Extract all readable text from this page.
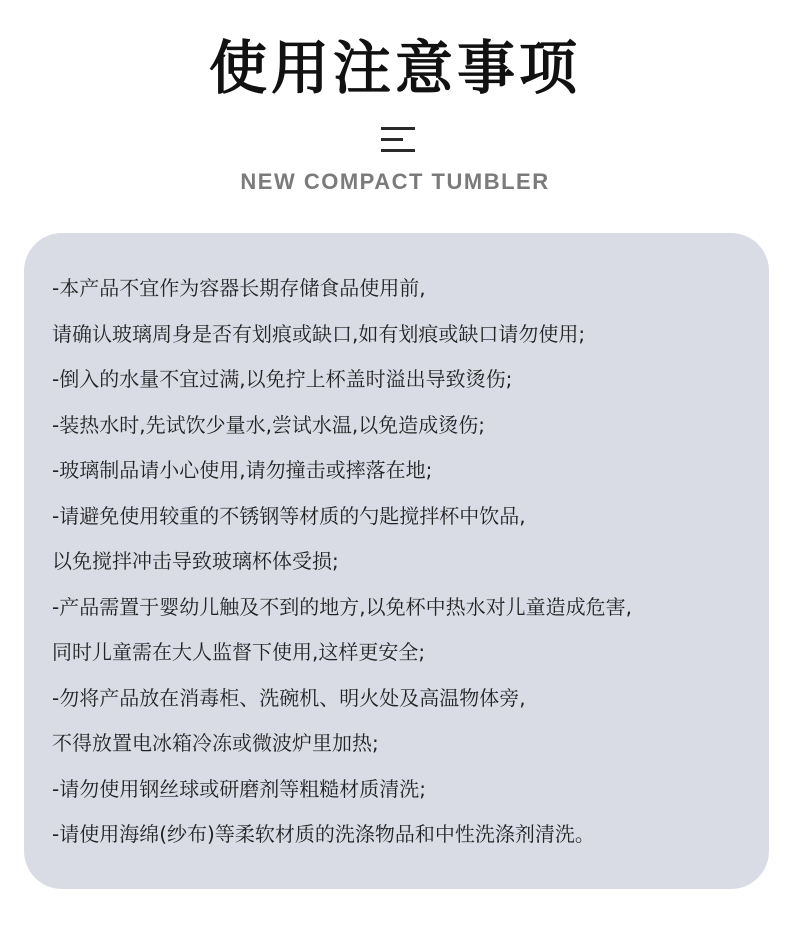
使用注意事项
NEW COMPACT TUMBLER
-本产品不宜作为容器长期存储食品使用前,
请确认玻璃周身是否有划痕或缺口,如有划痕或缺口请勿使用;
-倒入的水量不宜过满,以免拧上杯盖时溢出导致烫伤;
-装热水时,先试饮少量水,尝试水温,以免造成烫伤;
-玻璃制品请小心使用,请勿撞击或摔落在地;
-请避免使用较重的不锈钢等材质的勺匙搅拌杯中饮品,
以免搅拌冲击导致玻璃杯体受损;
-产品需置于婴幼儿触及不到的地方,以免杯中热水对儿童造成危害,
同时儿童需在大人监督下使用,这样更安全;
-勿将产品放在消毒柜、洗碗机、明火处及高温物体旁,
不得放置电冰箱冷冻或微波炉里加热;
-请勿使用钢丝球或研磨剂等粗糙材质清洗;
-请使用海绵(纱布)等柔软材质的洗涤物品和中性洗涤剂清洗。
